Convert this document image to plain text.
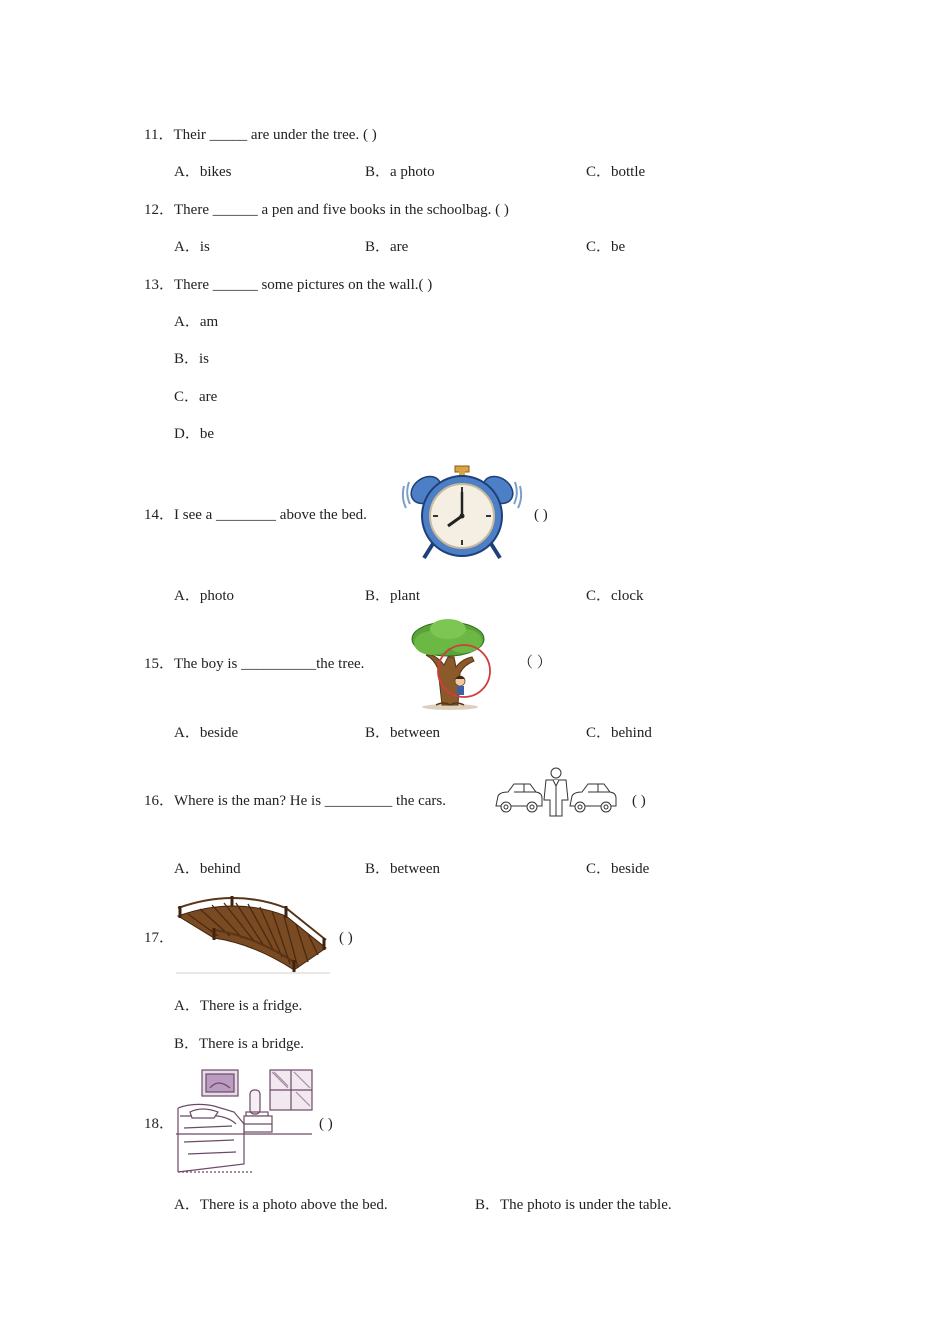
11．Their _____ are under the tree. ( )
A．bikes	B．a photo	C．bottle
12．There ______ a pen and five books in the schoolbag. ( )
A．is	B．are	C．be
13．There ______ some pictures on the wall.( )
A．am
B．is
C．are
D．be
14．I see a ________ above the bed.	( )
A．photo	B．plant	C．clock
15．The boy is __________the tree.	（ ）
A．beside	B．between	C．behind
16．Where is the man? He is _________ the cars.	( )
A．behind	B．between	C．beside
17．	( )
A．There is a fridge.
B．There is a bridge.
18．	( )
A．There is a photo above the bed.	B．The photo is under the table.
